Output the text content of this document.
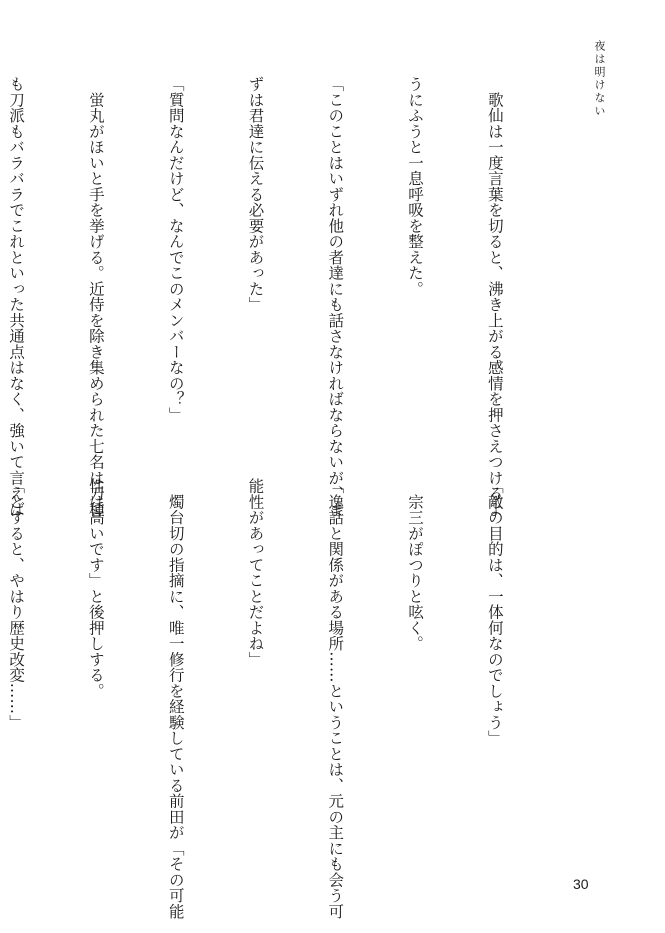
夜は明けない

　歌仙は一度言葉を切ると、沸き上がる感情を押さえつけるよ

うにふうと一息呼吸を整えた。

「このことはいずれ他の者達にも話さなければならないが、ま

ずは君達に伝える必要があった」

「質問なんだけど、なんでこのメンバーなの？」

　蛍丸がほいと手を挙げる。近侍を除き集められた七名は刀種

も刀派もバラバラでこれといった共通点はなく、強いて言えば

「敵の目的は、一体何なのでしょう」

　宗三がぽつりと呟く。

「逸話と関係がある場所……ということは、元の主にも会う可

能性があってことだよね」

　燭台切の指摘に、唯一修行を経験している前田が「その可能

性は高いです」と後押しする。

「とすると、やはり歴史改変……」

30
